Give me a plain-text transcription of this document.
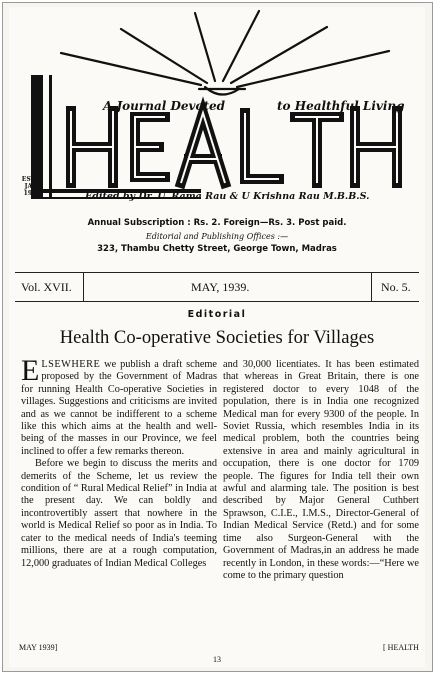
A Journal Devoted	to Healthful Living
ESTD.
JAN.
1923	Edited by Dr. U. Rama Rau & U Krishna Rau M.B.B.S.
Annual Subscription : Rs. 2. Foreign—Rs. 3. Post paid.
Editorial and Publishing Offices :—
323, Thambu Chetty Street, George Town, Madras
Vol. XVII.	MAY, 1939.	No. 5.
Editorial
Health Co-operative Societies for Villages

ELSEWHERE we publish a draft scheme proposed by the Government of Madras for running Health Co-operative Societies in villages. Suggestions and criticisms are invited and as we cannot be indifferent to a scheme like this which aims at the health and well-being of the masses in our Province, we feel inclined to offer a few remarks thereon.

Before we begin to discuss the merits and demerits of the Scheme, let us review the condition of “ Rural Medical Relief” in India at the present day. We can boldly and incontrovertibly assert that nowhere in the world is Medical Relief so poor as in India. To cater to the medical needs of India's teeming millions, there are at a rough computation, 12,000 graduates of Indian Medical Colleges

and 30,000 licentiates. It has been estimated that whereas in Great Britain, there is one registered doctor to every 1048 of the population, there is in India one recognized Medical man for every 9300 of the people. In Soviet Russia, which resembles India in its medical problem, both the countries being extensive in area and mainly agricultural in occupation, there is one doctor for 1709 people. The figures for India tell their own awful and alarming tale. The position is best described by Major General Cuthbert Sprawson, C.I.E., I.M.S., Director-General of Indian Medical Service (Retd.) and for some time also Surgeon-General with the Government of Madras,in an address he made recently in London, in these words:—“Here we come to the primary question

MAY 1939]	[ HEALTH
13
